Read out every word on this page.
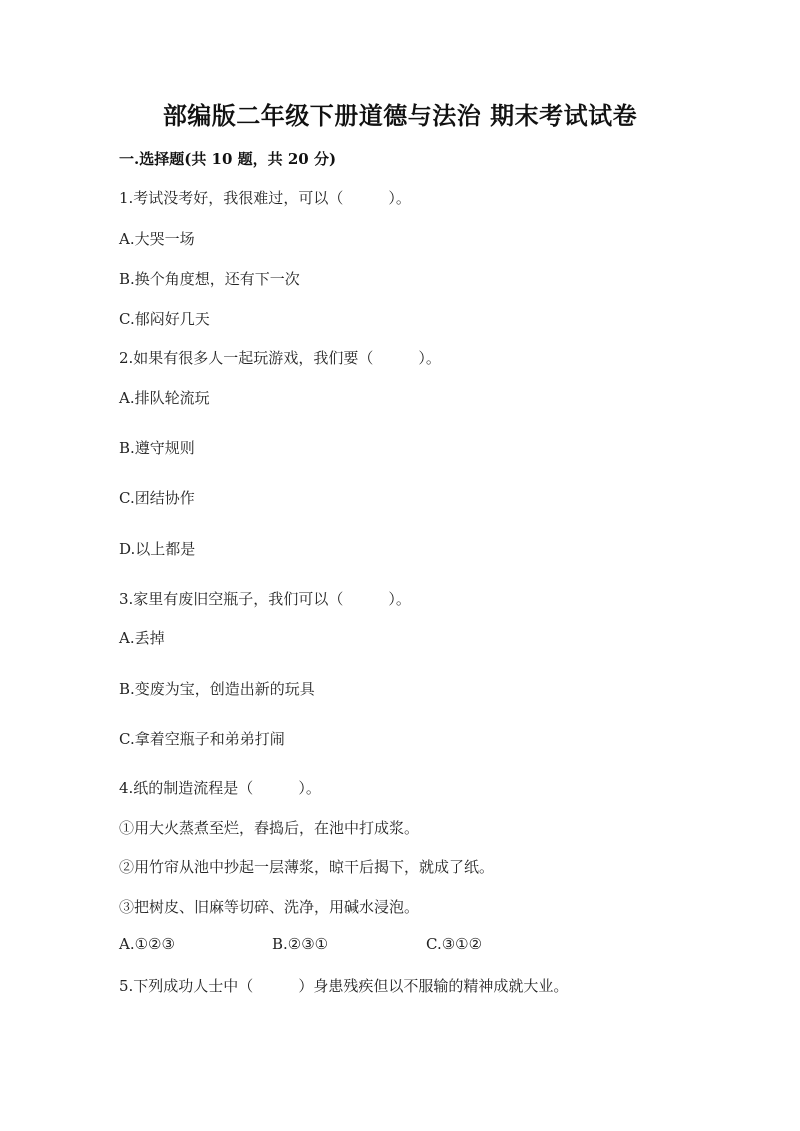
部编版二年级下册道德与法治 期末考试试卷
一.选择题(共 10 题，共 20 分)
1.考试没考好，我很难过，可以（　　　）。
A.大哭一场
B.换个角度想，还有下一次
C.郁闷好几天
2.如果有很多人一起玩游戏，我们要（　　　）。
A.排队轮流玩
B.遵守规则
C.团结协作
D.以上都是
3.家里有废旧空瓶子，我们可以（　　　）。
A.丢掉
B.变废为宝，创造出新的玩具
C.拿着空瓶子和弟弟打闹
4.纸的制造流程是（　　　）。
①用大火蒸煮至烂，舂捣后，在池中打成浆。
②用竹帘从池中抄起一层薄浆，晾干后揭下，就成了纸。
③把树皮、旧麻等切碎、洗净，用碱水浸泡。
A.①②③	B.②③①	C.③①②
5.下列成功人士中（　　　）身患残疾但以不服输的精神成就大业。
